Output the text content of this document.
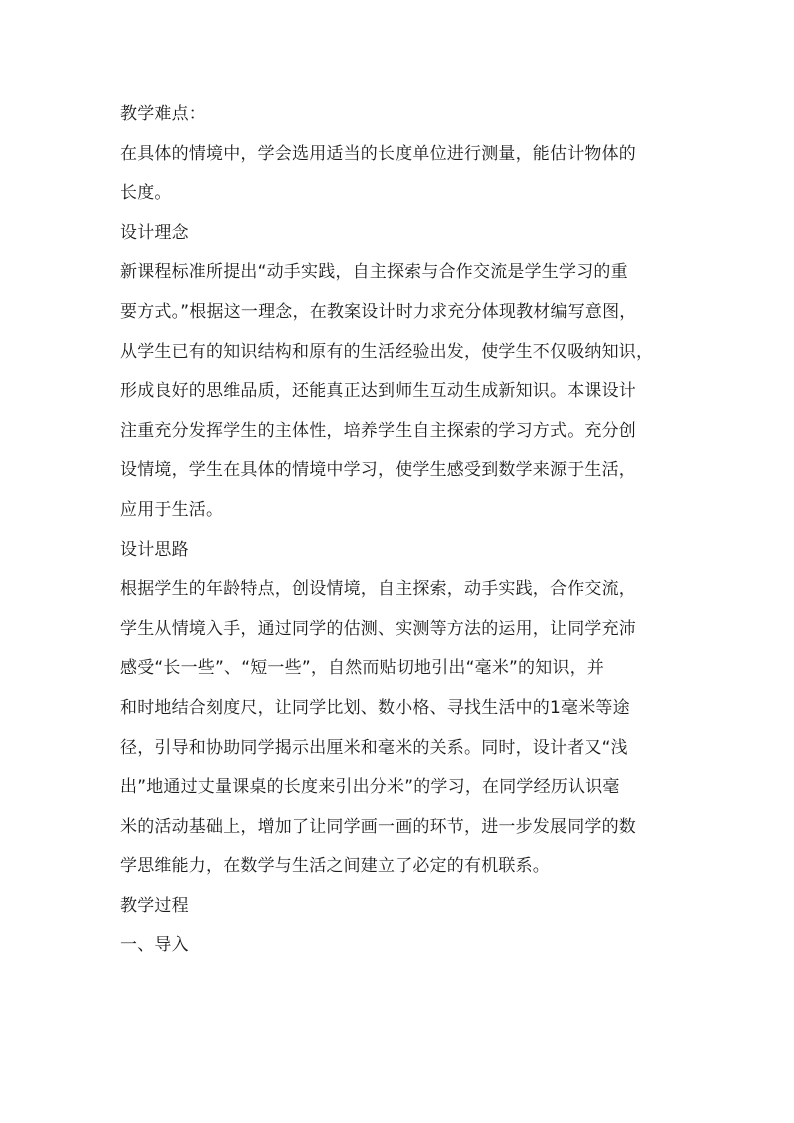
教学难点：
在具体的情境中，学会选用适当的长度单位进行测量，能估计物体的
长度。
设计理念
新课程标准所提出“动手实践，自主探索与合作交流是学生学习的重
要方式。”根据这一理念，在教案设计时力求充分体现教材编写意图，
从学生已有的知识结构和原有的生活经验出发，使学生不仅吸纳知识，
形成良好的思维品质，还能真正达到师生互动生成新知识。本课设计
注重充分发挥学生的主体性，培养学生自主探索的学习方式。充分创
设情境，学生在具体的情境中学习，使学生感受到数学来源于生活，
应用于生活。
设计思路
根据学生的年龄特点，创设情境，自主探索，动手实践，合作交流，
学生从情境入手，通过同学的估测、实测等方法的运用，让同学充沛
感受“长一些”、“短一些”，自然而贴切地引出“毫米”的知识，并
和时地结合刻度尺，让同学比划、数小格、寻找生活中的1毫米等途
径，引导和协助同学揭示出厘米和毫米的关系。同时，设计者又“浅
出”地通过丈量课桌的长度来引出分米”的学习，在同学经历认识毫
米的活动基础上，增加了让同学画一画的环节，进一步发展同学的数
学思维能力，在数学与生活之间建立了必定的有机联系。
教学过程
一、导入
